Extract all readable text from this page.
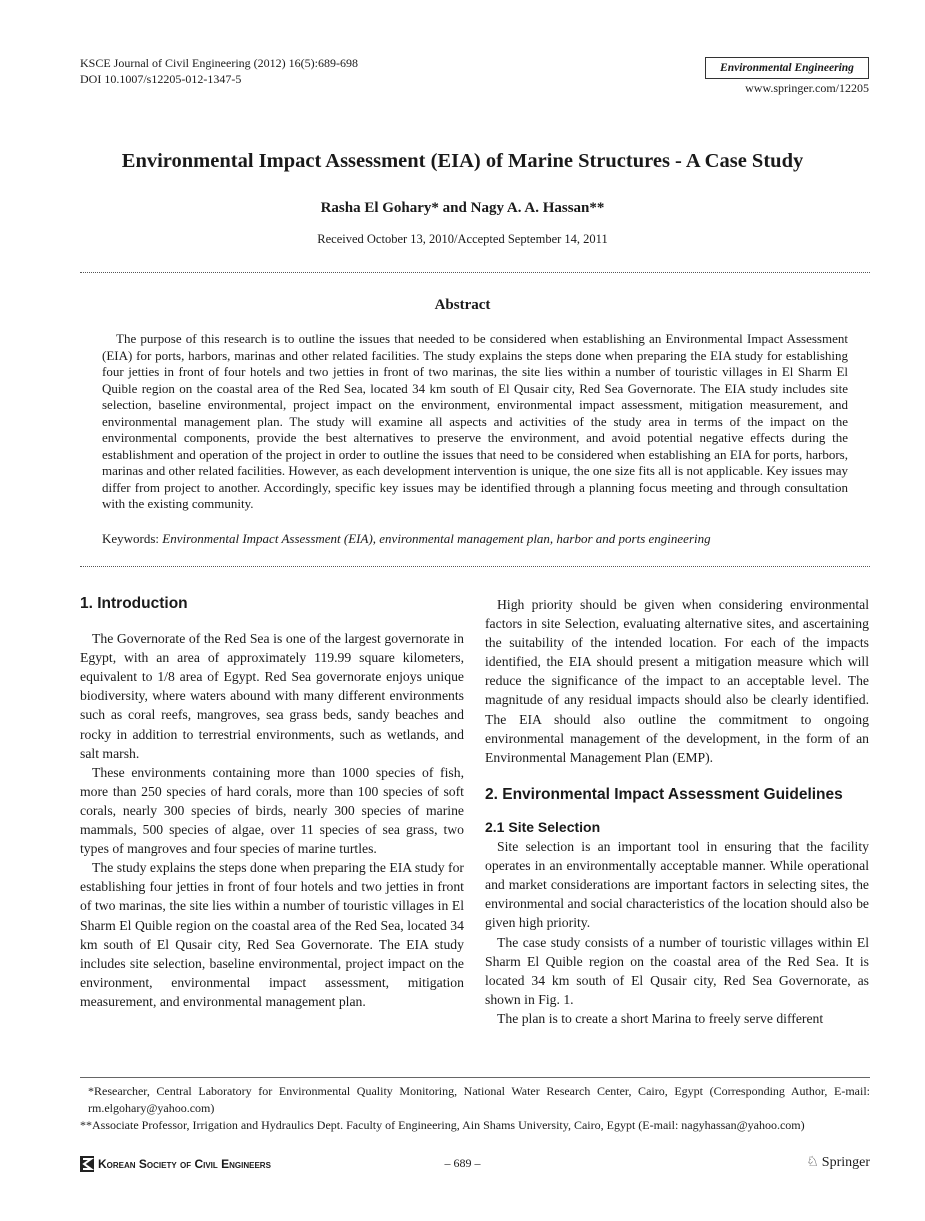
KSCE Journal of Civil Engineering (2012) 16(5):689-698
DOI 10.1007/s12205-012-1347-5
Environmental Engineering
www.springer.com/12205
Environmental Impact Assessment (EIA) of Marine Structures - A Case Study
Rasha El Gohary* and Nagy A. A. Hassan**
Received October 13, 2010/Accepted September 14, 2011
Abstract

The purpose of this research is to outline the issues that needed to be considered when establishing an Environmental Impact Assessment (EIA) for ports, harbors, marinas and other related facilities. The study explains the steps done when preparing the EIA study for establishing four jetties in front of four hotels and two jetties in front of two marinas, the site lies within a number of touristic villages in El Sharm El Quible region on the coastal area of the Red Sea, located 34 km south of El Qusair city, Red Sea Governorate. The EIA study includes site selection, baseline environmental, project impact on the environment, environmental impact assessment, mitigation measurement, and environmental management plan. The study will examine all aspects and activities of the study area in terms of the impact on the environmental components, provide the best alternatives to preserve the environment, and avoid potential negative effects during the establishment and operation of the project in order to outline the issues that need to be considered when establishing an EIA for ports, harbors, marinas and other related facilities. However, as each development intervention is unique, the one size fits all is not applicable. Key issues may differ from project to another. Accordingly, specific key issues may be identified through a planning focus meeting and through consultation with the existing community.

Keywords: Environmental Impact Assessment (EIA), environmental management plan, harbor and ports engineering
1. Introduction

The Governorate of the Red Sea is one of the largest governorate in Egypt, with an area of approximately 119.99 square kilometers, equivalent to 1/8 area of Egypt. Red Sea governorate enjoys unique biodiversity, where waters abound with many different environments such as coral reefs, mangroves, sea grass beds, sandy beaches and rocky in addition to terrestrial environments, such as wetlands, and salt marsh.

These environments containing more than 1000 species of fish, more than 250 species of hard corals, more than 100 species of soft corals, nearly 300 species of birds, nearly 300 species of marine mammals, 500 species of algae, over 11 species of sea grass, two types of mangroves and four species of marine turtles.

The study explains the steps done when preparing the EIA study for establishing four jetties in front of four hotels and two jetties in front of two marinas, the site lies within a number of touristic villages in El Sharm El Quible region on the coastal area of the Red Sea, located 34 km south of El Qusair city, Red Sea Governorate. The EIA study includes site selection, baseline environmental, project impact on the environment, environmental impact assessment, mitigation measurement, and environmental management plan.

High priority should be given when considering environmental factors in site Selection, evaluating alternative sites, and ascertaining the suitability of the intended location. For each of the impacts identified, the EIA should present a mitigation measure which will reduce the significance of the impact to an acceptable level. The magnitude of any residual impacts should also be clearly identified. The EIA should also outline the commitment to ongoing environmental management of the development, in the form of an Environmental Management Plan (EMP).

2. Environmental Impact Assessment Guidelines
2.1 Site Selection

Site selection is an important tool in ensuring that the facility operates in an environmentally acceptable manner. While operational and market considerations are important factors in selecting sites, the environmental and social characteristics of the location should also be given high priority.

The case study consists of a number of touristic villages within El Sharm El Quible region on the coastal area of the Red Sea. It is located 34 km south of El Qusair city, Red Sea Governorate, as shown in Fig. 1.

The plan is to create a short Marina to freely serve different

*Researcher, Central Laboratory for Environmental Quality Monitoring, National Water Research Center, Cairo, Egypt (Corresponding Author, E-mail: rm.elgohary@yahoo.com)
**Associate Professor, Irrigation and Hydraulics Dept. Faculty of Engineering, Ain Shams University, Cairo, Egypt (E-mail: nagyhassan@yahoo.com)
Korean Society of Civil Engineers	– 689 –	♘ Springer
